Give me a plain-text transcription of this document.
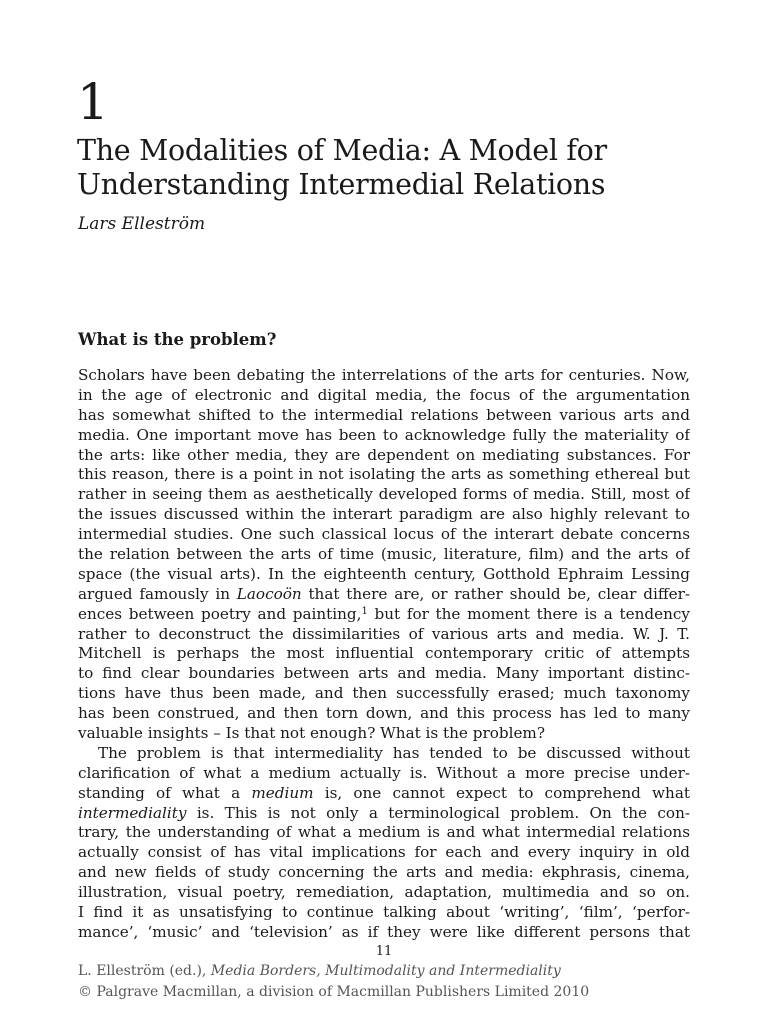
1
The Modalities of Media: A Model for
Understanding Intermedial Relations

Lars Elleström

What is the problem?
Scholars have been debating the interrelations of the arts for centuries. Now,
in the age of electronic and digital media, the focus of the argumentation
has somewhat shifted to the intermedial relations between various arts and
media. One important move has been to acknowledge fully the materiality of
the arts: like other media, they are dependent on mediating substances. For
this reason, there is a point in not isolating the arts as something ethereal but
rather in seeing them as aesthetically developed forms of media. Still, most of
the issues discussed within the interart paradigm are also highly relevant to
intermedial studies. One such classical locus of the interart debate concerns
the relation between the arts of time (music, literature, film) and the arts of
space (the visual arts). In the eighteenth century, Gotthold Ephraim Lessing
argued famously in Laocoön that there are, or rather should be, clear differ-
ences between poetry and painting,$^1$ but for the moment there is a tendency
rather to deconstruct the dissimilarities of various arts and media. W. J. T.
Mitchell is perhaps the most influential contemporary critic of attempts
to find clear boundaries between arts and media. Many important distinc-
tions have thus been made, and then successfully erased; much taxonomy
has been construed, and then torn down, and this process has led to many
valuable insights – Is that not enough? What is the problem?
The problem is that intermediality has tended to be discussed without
clarification of what a medium actually is. Without a more precise under-
standing of what a medium is, one cannot expect to comprehend what
intermediality is. This is not only a terminological problem. On the con-
trary, the understanding of what a medium is and what intermedial relations
actually consist of has vital implications for each and every inquiry in old
and new fields of study concerning the arts and media: ekphrasis, cinema,
illustration, visual poetry, remediation, adaptation, multimedia and so on.
I find it as unsatisfying to continue talking about ‘writing’, ‘film’, ‘perfor-
mance’, ‘music’ and ‘television’ as if they were like different persons that

11

L. Elleström (ed.), Media Borders, Multimodality and Intermediality

© Palgrave Macmillan, a division of Macmillan Publishers Limited 2010
